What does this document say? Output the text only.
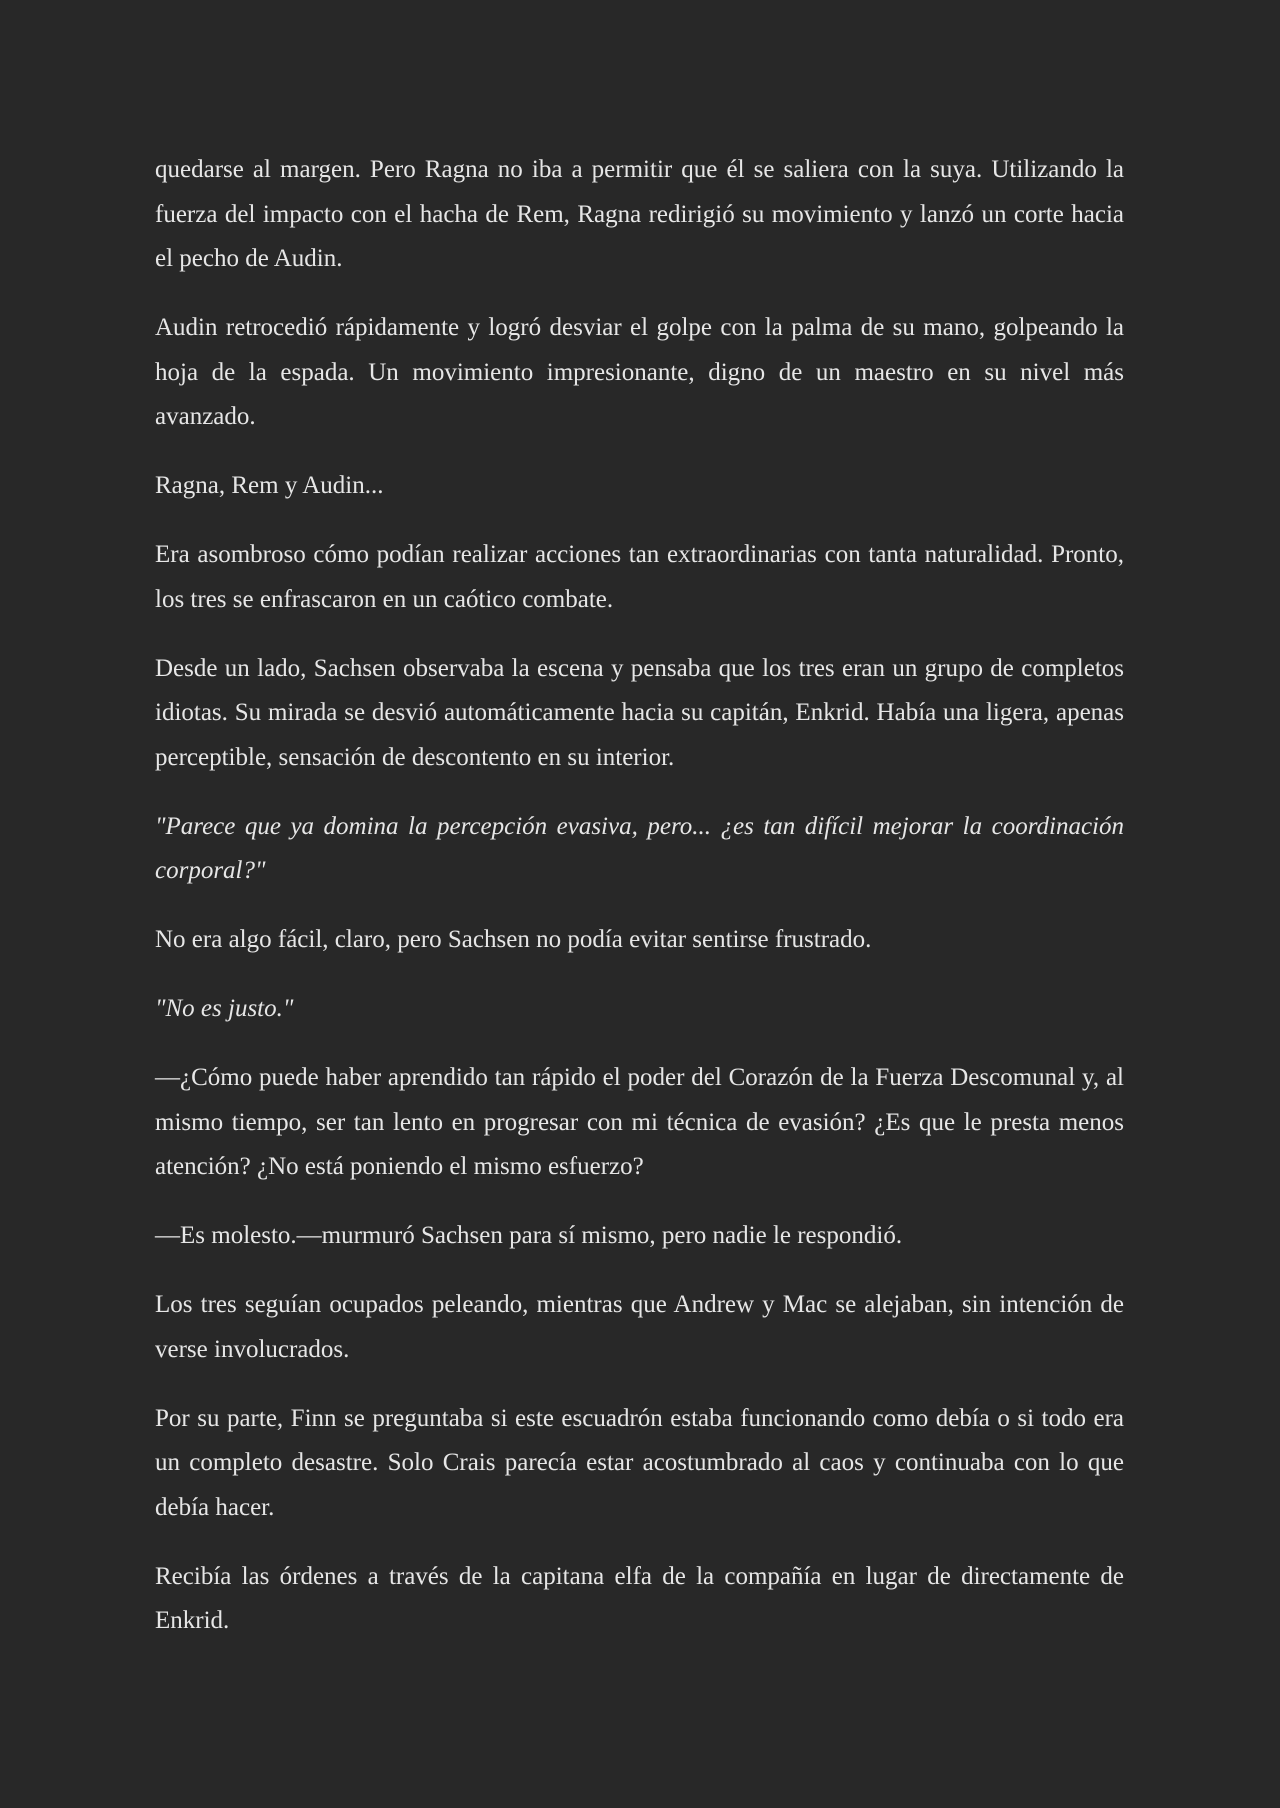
quedarse al margen. Pero Ragna no iba a permitir que él se saliera con la suya. Utilizando la fuerza del impacto con el hacha de Rem, Ragna redirigió su movimiento y lanzó un corte hacia el pecho de Audin.

Audin retrocedió rápidamente y logró desviar el golpe con la palma de su mano, golpeando la hoja de la espada. Un movimiento impresionante, digno de un maestro en su nivel más avanzado.

Ragna, Rem y Audin...

Era asombroso cómo podían realizar acciones tan extraordinarias con tanta naturalidad. Pronto, los tres se enfrascaron en un caótico combate.

Desde un lado, Sachsen observaba la escena y pensaba que los tres eran un grupo de completos idiotas. Su mirada se desvió automáticamente hacia su capitán, Enkrid. Había una ligera, apenas perceptible, sensación de descontento en su interior.

"Parece que ya domina la percepción evasiva, pero... ¿es tan difícil mejorar la coordinación corporal?"

No era algo fácil, claro, pero Sachsen no podía evitar sentirse frustrado.

"No es justo."

—¿Cómo puede haber aprendido tan rápido el poder del Corazón de la Fuerza Descomunal y, al mismo tiempo, ser tan lento en progresar con mi técnica de evasión? ¿Es que le presta menos atención? ¿No está poniendo el mismo esfuerzo?

—Es molesto.—murmuró Sachsen para sí mismo, pero nadie le respondió.

Los tres seguían ocupados peleando, mientras que Andrew y Mac se alejaban, sin intención de verse involucrados.

Por su parte, Finn se preguntaba si este escuadrón estaba funcionando como debía o si todo era un completo desastre. Solo Crais parecía estar acostumbrado al caos y continuaba con lo que debía hacer.

Recibía las órdenes a través de la capitana elfa de la compañía en lugar de directamente de Enkrid.
